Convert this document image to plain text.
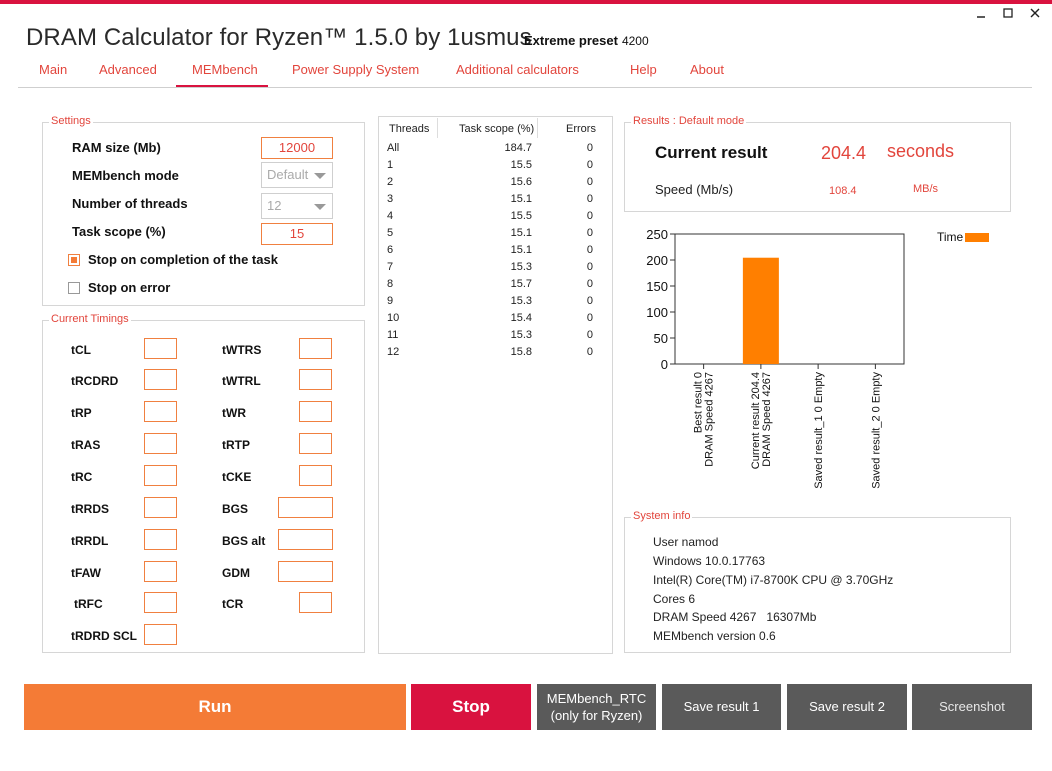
DRAM Calculator for Ryzen™ 1.5.0 by 1usmus
Extreme preset 4200
Main Advanced	MEMbench	Power Supply System	Additional calculators	Help	About
Settings
RAM size (Mb)	12000
MEMbench mode	Default
Number of threads	12
Task scope (%)	15
Stop on completion of the task
Stop on error
Current Timings
tCL
tRCDRD
tRP
tRAS
tRC
tRRDS
tRRDL
tFAW
tRFC
tRDRD SCL
tWTRS
tWTRL
tWR
tRTP
tCKE
BGS
BGS alt
GDM
tCR
Threads	Task scope (%)	Errors
All	184.7	0
1	15.5	0
2	15.6	0
3	15.1	0
4	15.5	0
5	15.1	0
6	15.1	0
7	15.3	0
8	15.7	0
9	15.3	0
10	15.4	0
11	15.3	0
12	15.8	0
Results : Default mode
Current result	204.4 seconds
Speed (Mb/s)	108.4	MB/s
0
50
100
150
200
250
Best result 0 DRAM Speed 4267	Current result 204.4 DRAM Speed 4267	Saved result_1 0 Empty	Saved result_2 0 Empty
Time
System info
User namod
Windows 10.0.17763
Intel(R) Core(TM) i7-8700K CPU @ 3.70GHz
Cores 6
DRAM Speed 4267   16307Mb
MEMbench version 0.6
Run	Stop	MEMbench_RTC
(only for Ryzen)
Save result 1	Save result 2	Screenshot
